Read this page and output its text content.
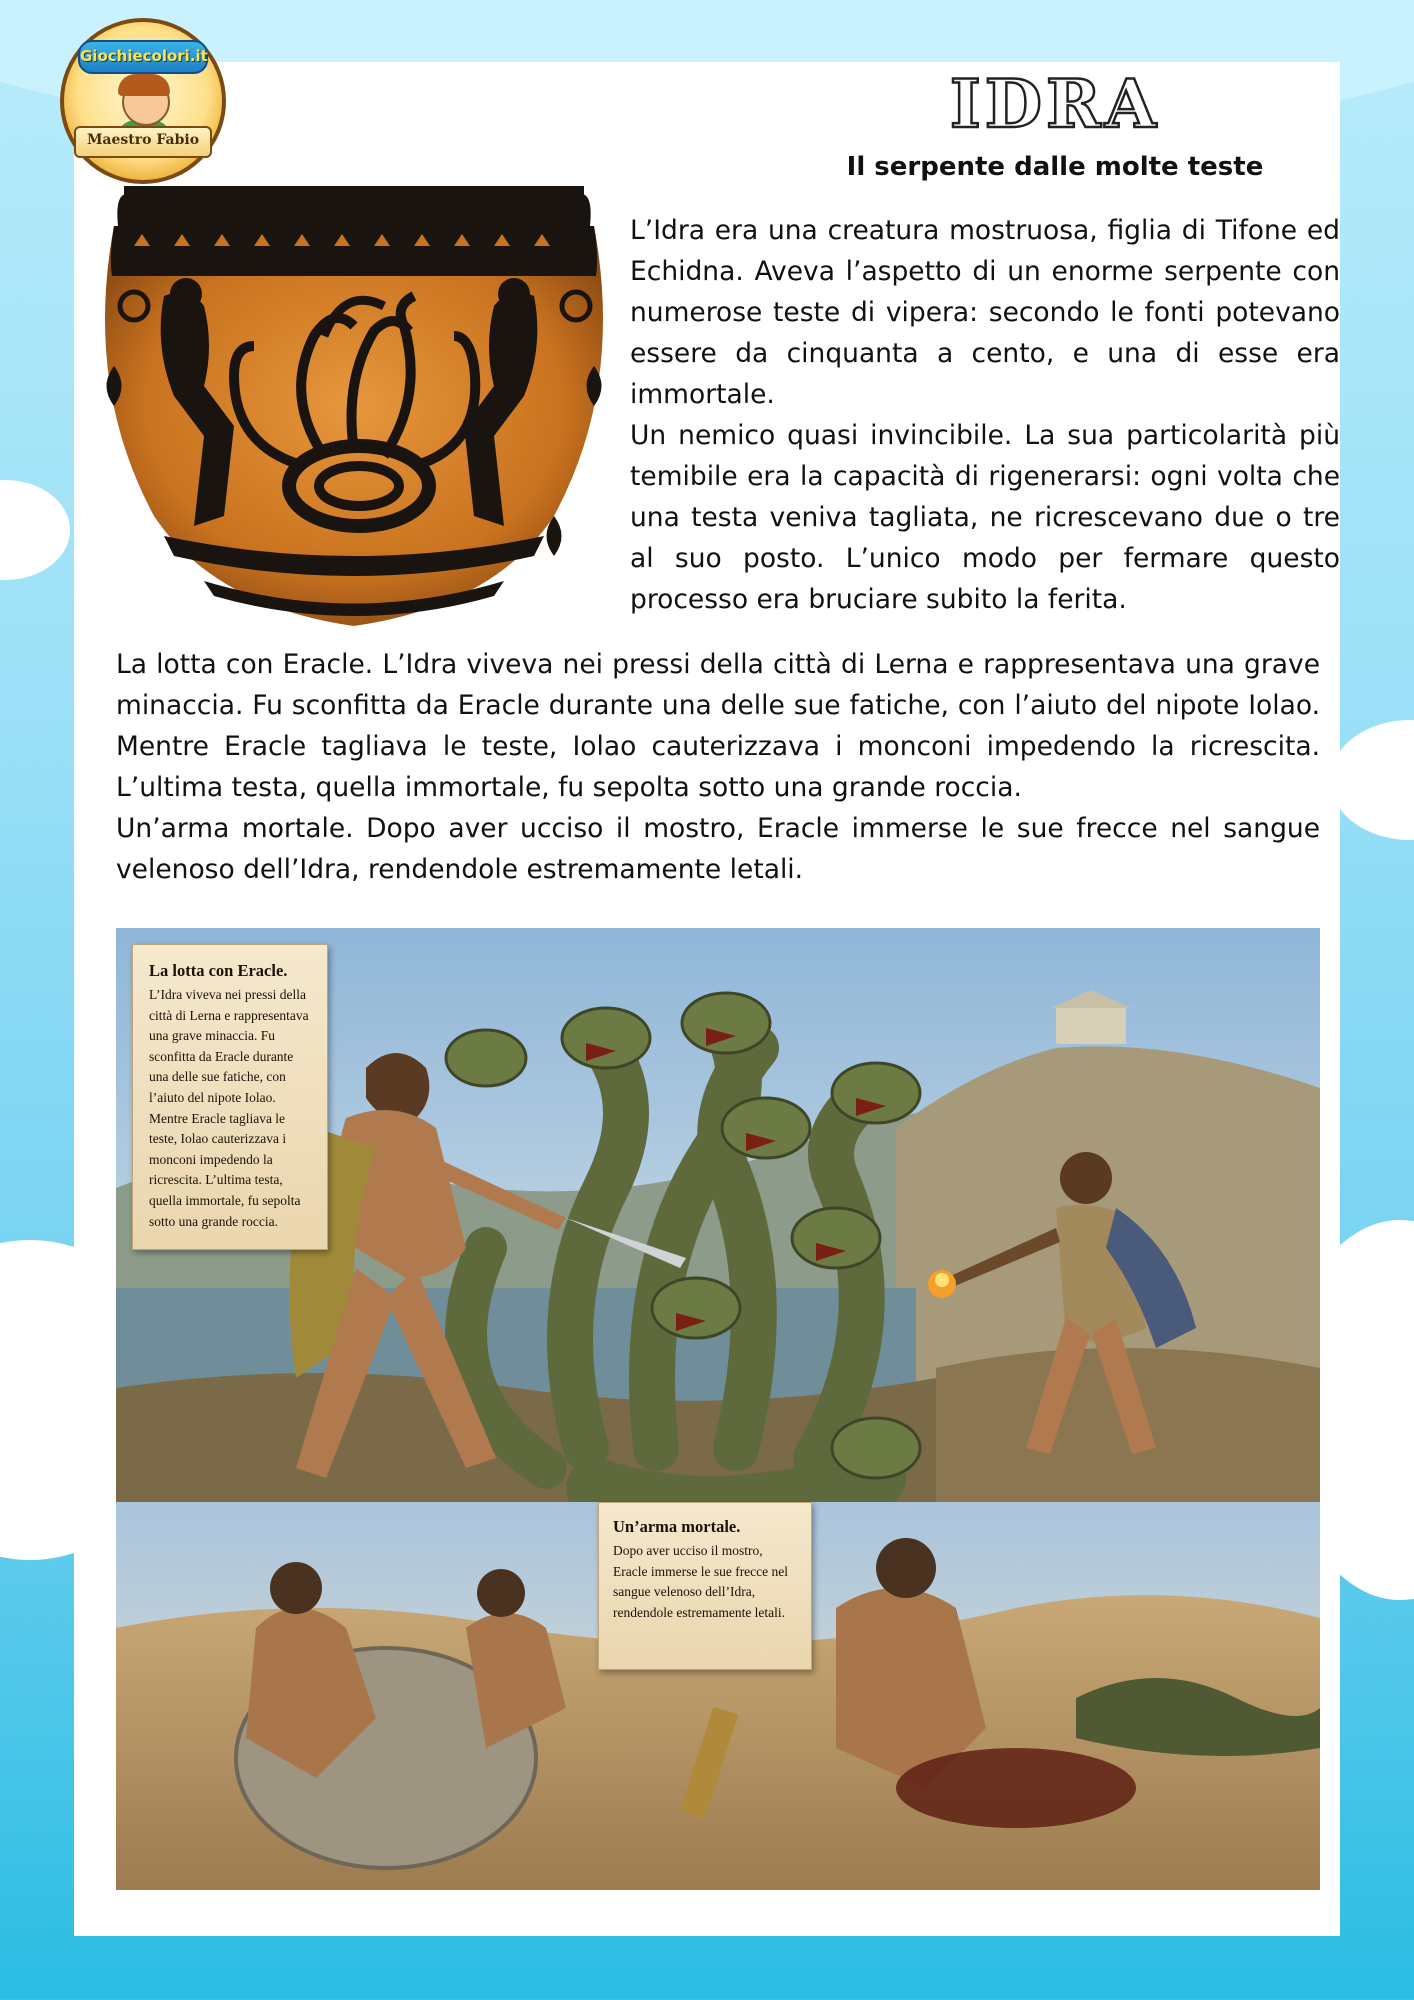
Giochiecolori.it
Maestro Fabio	IDRA
Il serpente dalle molte teste

L’Idra era una creatura mostruosa, figlia di Tifone ed Echidna. Aveva l’aspetto di un enorme serpente con numerose teste di vipera: secondo le fonti potevano essere da cinquanta a cento, e una di esse era immortale.

Un nemico quasi invincibile. La sua particolarità più temibile era la capacità di rigenerarsi: ogni volta che una testa veniva tagliata, ne ricrescevano due o tre al suo posto. L’unico modo per fermare questo processo era bruciare subito la ferita.

La lotta con Eracle. L’Idra viveva nei pressi della città di Lerna e rappresentava una grave minaccia. Fu sconfitta da Eracle durante una delle sue fatiche, con l’aiuto del nipote Iolao. Mentre Eracle tagliava le teste, Iolao cauterizzava i monconi impedendo la ricrescita. L’ultima testa, quella immortale, fu sepolta sotto una grande roccia.

Un’arma mortale. Dopo aver ucciso il mostro, Eracle immerse le sue frecce nel sangue velenoso dell’Idra, rendendole estremamente letali.

La lotta con Eracle.
L’Idra viveva nei pressi della città di Lerna e rappresentava una grave minaccia. Fu sconfitta da Eracle durante una delle sue fatiche, con l’aiuto del nipote Iolao. Mentre Eracle tagliava le teste, Iolao cauterizzava i monconi impedendo la ricrescita. L’ultima testa, quella immortale, fu sepolta sotto una grande roccia.
Un’arma mortale.
Dopo aver ucciso il mostro, Eracle immerse le sue frecce nel sangue velenoso dell’Idra, rendendole estremamente letali.
